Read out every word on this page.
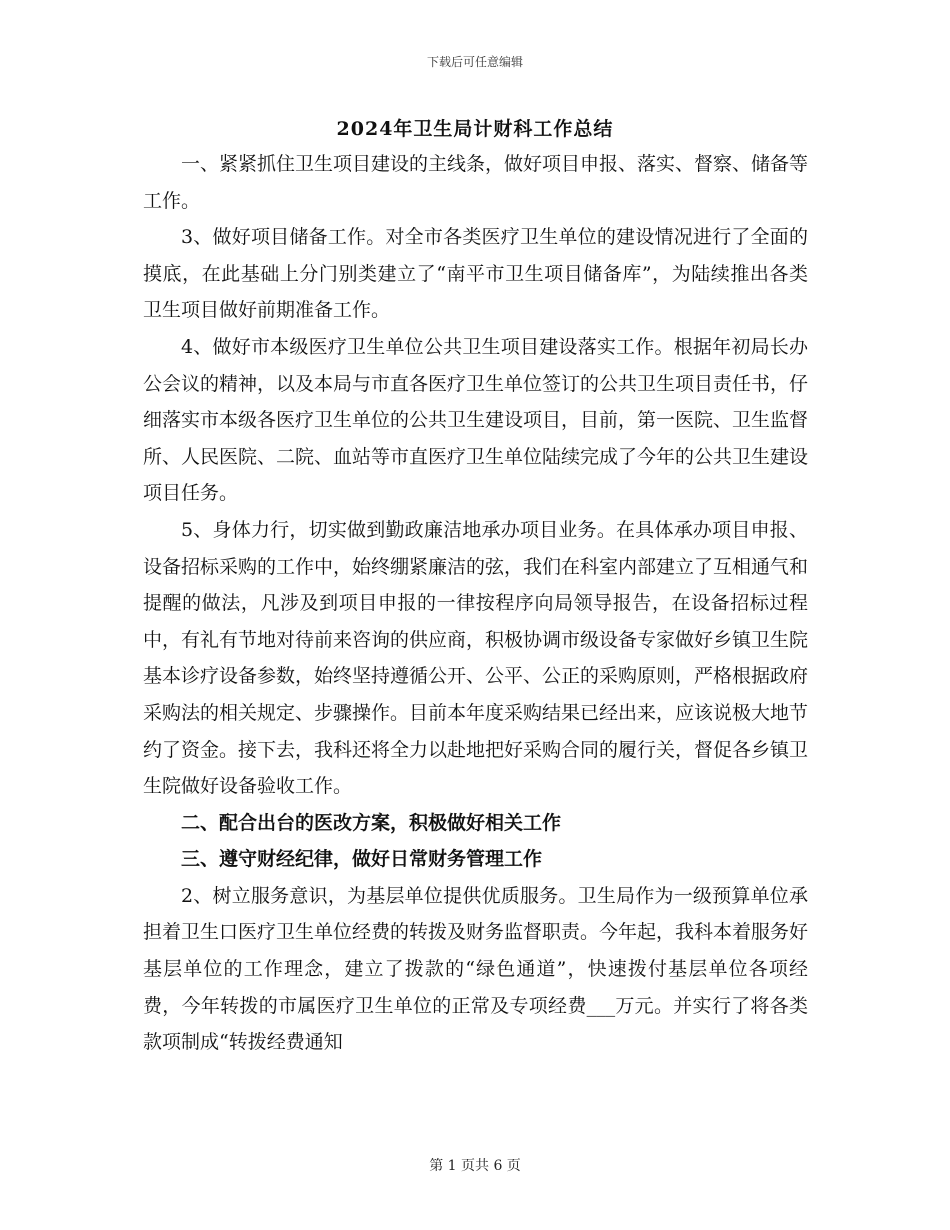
下载后可任意编辑
2024年卫生局计财科工作总结

一、紧紧抓住卫生项目建设的主线条，做好项目申报、落实、督察、储备等工作。

3、做好项目储备工作。对全市各类医疗卫生单位的建设情况进行了全面的摸底，在此基础上分门别类建立了“南平市卫生项目储备库”，为陆续推出各类卫生项目做好前期准备工作。

4、做好市本级医疗卫生单位公共卫生项目建设落实工作。根据年初局长办公会议的精神，以及本局与市直各医疗卫生单位签订的公共卫生项目责任书，仔细落实市本级各医疗卫生单位的公共卫生建设项目，目前，第一医院、卫生监督所、人民医院、二院、血站等市直医疗卫生单位陆续完成了今年的公共卫生建设项目任务。

5、身体力行，切实做到勤政廉洁地承办项目业务。在具体承办项目申报、设备招标采购的工作中，始终绷紧廉洁的弦，我们在科室内部建立了互相通气和提醒的做法，凡涉及到项目申报的一律按程序向局领导报告，在设备招标过程中，有礼有节地对待前来咨询的供应商，积极协调市级设备专家做好乡镇卫生院基本诊疗设备参数，始终坚持遵循公开、公平、公正的采购原则，严格根据政府采购法的相关规定、步骤操作。目前本年度采购结果已经出来，应该说极大地节约了资金。接下去，我科还将全力以赴地把好采购合同的履行关，督促各乡镇卫生院做好设备验收工作。

二、配合出台的医改方案，积极做好相关工作

三、遵守财经纪律，做好日常财务管理工作

2、树立服务意识，为基层单位提供优质服务。卫生局作为一级预算单位承担着卫生口医疗卫生单位经费的转拨及财务监督职责。今年起，我科本着服务好基层单位的工作理念，建立了拨款的“绿色通道”，快速拨付基层单位各项经费，今年转拨的市属医疗卫生单位的正常及专项经费___万元。并实行了将各类款项制成“转拨经费通知

第 1 页共 6 页
